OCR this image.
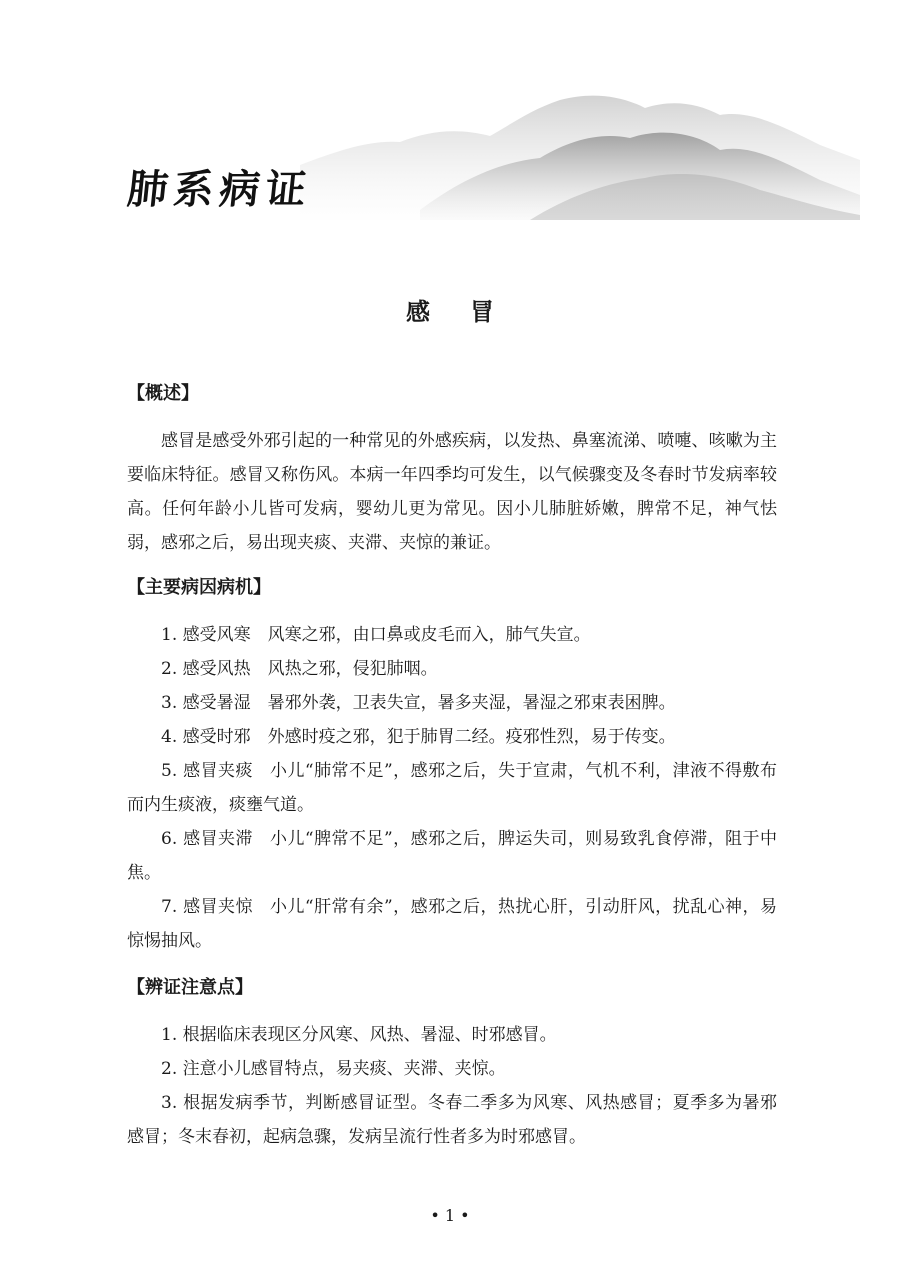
肺系病证
感冒
【概述】

感冒是感受外邪引起的一种常见的外感疾病，以发热、鼻塞流涕、喷嚏、咳嗽为主要临床特征。感冒又称伤风。本病一年四季均可发生，以气候骤变及冬春时节发病率较高。任何年龄小儿皆可发病，婴幼儿更为常见。因小儿肺脏娇嫩，脾常不足，神气怯弱，感邪之后，易出现夹痰、夹滞、夹惊的兼证。

【主要病因病机】

1. 感受风寒 风寒之邪，由口鼻或皮毛而入，肺气失宣。

2. 感受风热 风热之邪，侵犯肺咽。

3. 感受暑湿 暑邪外袭，卫表失宣，暑多夹湿，暑湿之邪束表困脾。

4. 感受时邪 外感时疫之邪，犯于肺胃二经。疫邪性烈，易于传变。

5. 感冒夹痰 小儿“肺常不足”，感邪之后，失于宣肃，气机不利，津液不得敷布而内生痰液，痰壅气道。

6. 感冒夹滞 小儿“脾常不足”，感邪之后，脾运失司，则易致乳食停滞，阻于中焦。

7. 感冒夹惊 小儿“肝常有余”，感邪之后，热扰心肝，引动肝风，扰乱心神，易惊惕抽风。

【辨证注意点】

1. 根据临床表现区分风寒、风热、暑湿、时邪感冒。

2. 注意小儿感冒特点，易夹痰、夹滞、夹惊。

3. 根据发病季节，判断感冒证型。冬春二季多为风寒、风热感冒；夏季多为暑邪感冒；冬末春初，起病急骤，发病呈流行性者多为时邪感冒。

• 1 •
